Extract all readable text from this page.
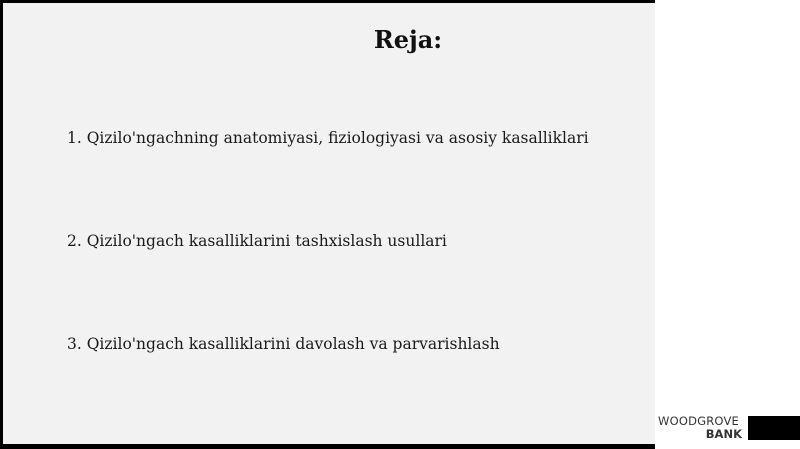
Reja:

1. Qizilo'ngachning anatomiyasi, fiziologiyasi va asosiy kasalliklari

2. Qizilo'ngach kasalliklarini tashxislash usullari

3. Qizilo'ngach kasalliklarini davolash va parvarishlash

WOODGROVE
BANK
